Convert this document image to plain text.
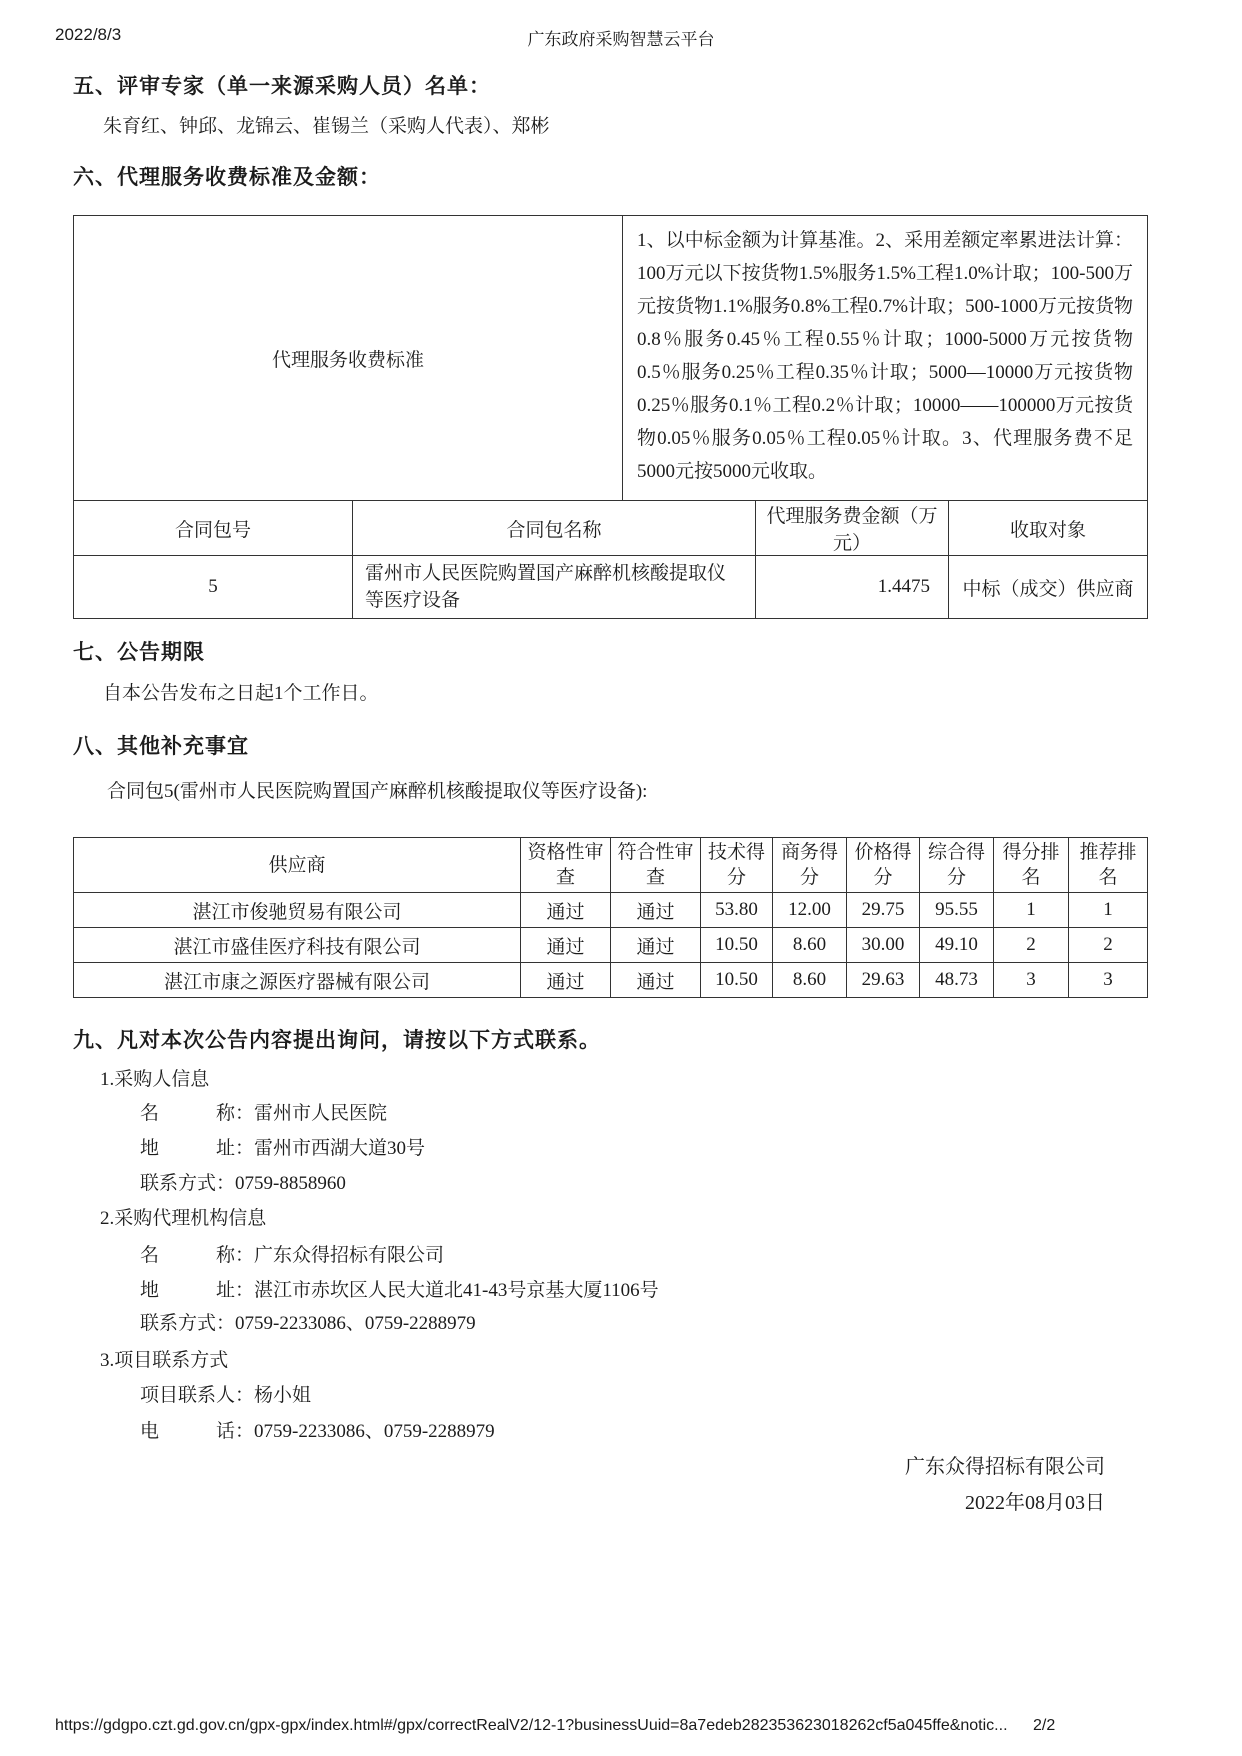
2022/8/3	广东政府采购智慧云平台
五、评审专家（单一来源采购人员）名单：
朱育红、钟邱、龙锦云、崔锡兰（采购人代表）、郑彬
六、代理服务收费标准及金额：
代理服务收费标准		1、以中标金额为计算基准。2、采用差额定率累进法计算：100万元以下按货物1.5%服务1.5%工程1.0%计取；100-500万元按货物1.1%服务0.8%工程0.7%计取；500-1000万元按货物0.8％服务0.45％工程0.55％计取；1000-5000万元按货物0.5％服务0.25％工程0.35％计取；5000—10000万元按货物0.25％服务0.1％工程0.2％计取；10000——100000万元按货物0.05％服务0.05％工程0.05％计取。3、代理服务费不足5000元按5000元收取。		
合同包号	合同包名称		代理服务费金额（万元）	收取对象
5	雷州市人民医院购置国产麻醉机核酸提取仪等医疗设备		1.4475	中标（成交）供应商
七、公告期限
自本公告发布之日起1个工作日。
八、其他补充事宜
合同包5(雷州市人民医院购置国产麻醉机核酸提取仪等医疗设备):
供应商	资格性审查	符合性审查	技术得分	商务得分	价格得分	综合得分	得分排名	推荐排名
湛江市俊驰贸易有限公司	通过	通过	53.80	12.00	29.75	95.55	1	1
湛江市盛佳医疗科技有限公司	通过	通过	10.50	8.60	30.00	49.10	2	2
湛江市康之源医疗器械有限公司	通过	通过	10.50	8.60	29.63	48.73	3	3
九、凡对本次公告内容提出询问，请按以下方式联系。
1.采购人信息
名　　　称：雷州市人民医院
地　　　址：雷州市西湖大道30号
联系方式：0759-8858960
2.采购代理机构信息
名　　　称：广东众得招标有限公司
地　　　址：湛江市赤坎区人民大道北41-43号京基大厦1106号
联系方式：0759-2233086、0759-2288979
3.项目联系方式
项目联系人：杨小姐
电　　　话：0759-2233086、0759-2288979
广东众得招标有限公司
2022年08月03日
https://gdgpo.czt.gd.gov.cn/gpx-gpx/index.html#/gpx/correctRealV2/12-1?businessUuid=8a7edeb282353623018262cf5a045ffe&notic... 2/2
